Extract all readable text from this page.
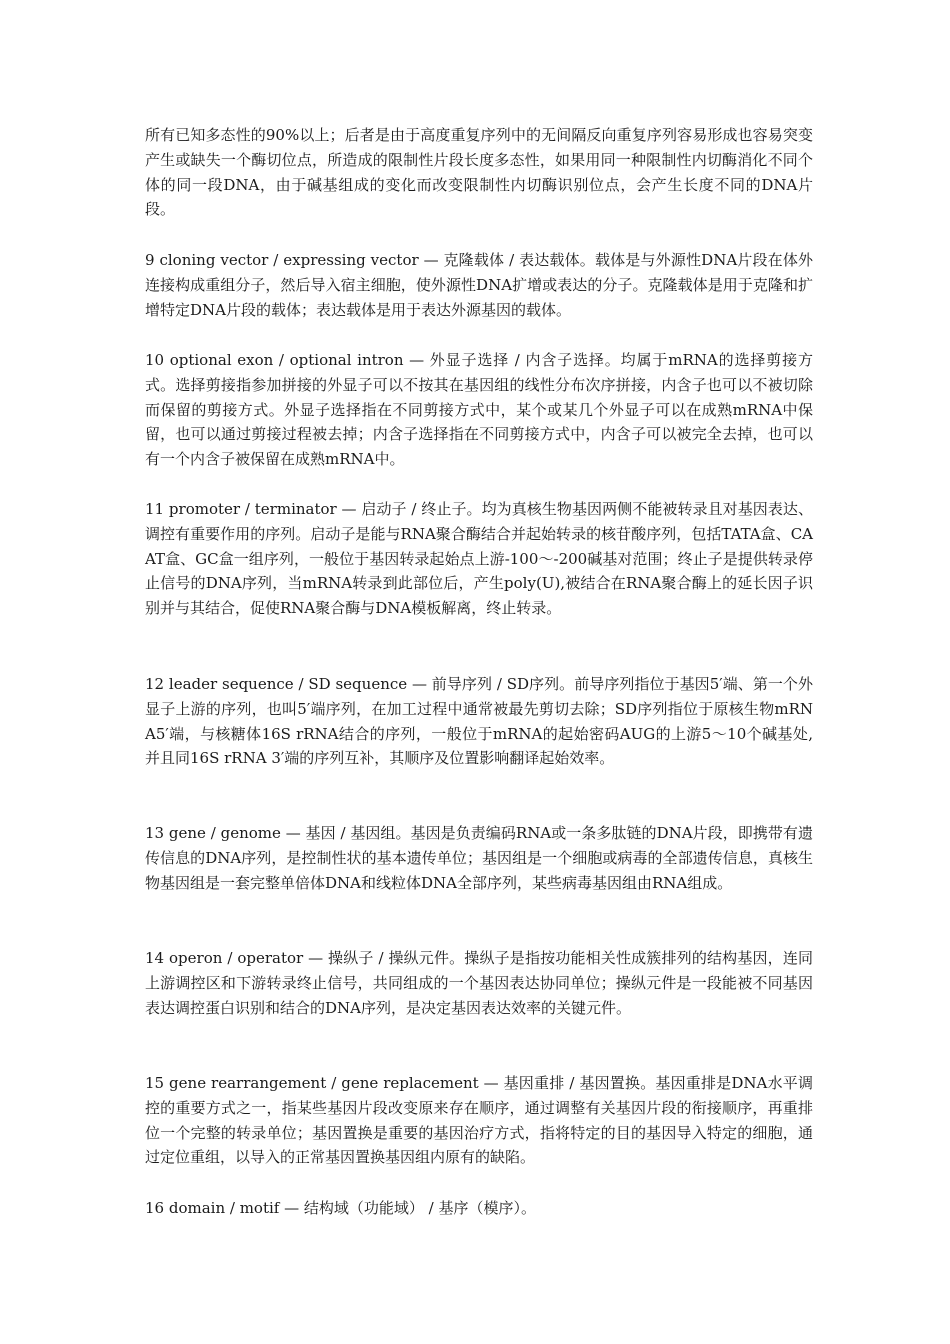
所有已知多态性的90%以上；后者是由于高度重复序列中的无间隔反向重复序列容易形成也容易突变产生或缺失一个酶切位点，所造成的限制性片段长度多态性，如果用同一种限制性内切酶消化不同个体的同一段DNA，由于碱基组成的变化而改变限制性内切酶识别位点，会产生长度不同的DNA片段。

9 cloning vector / expressing vector — 克隆载体 / 表达载体。载体是与外源性DNA片段在体外连接构成重组分子，然后导入宿主细胞，使外源性DNA扩增或表达的分子。克隆载体是用于克隆和扩增特定DNA片段的载体；表达载体是用于表达外源基因的载体。

10 optional exon / optional intron — 外显子选择 / 内含子选择。均属于mRNA的选择剪接方式。选择剪接指参加拼接的外显子可以不按其在基因组的线性分布次序拼接，内含子也可以不被切除而保留的剪接方式。外显子选择指在不同剪接方式中，某个或某几个外显子可以在成熟mRNA中保留，也可以通过剪接过程被去掉；内含子选择指在不同剪接方式中，内含子可以被完全去掉，也可以有一个内含子被保留在成熟mRNA中。

11 promoter / terminator — 启动子 / 终止子。均为真核生物基因两侧不能被转录且对基因表达、调控有重要作用的序列。启动子是能与RNA聚合酶结合并起始转录的核苷酸序列，包括TATA盒、CAAT盒、GC盒一组序列，一般位于基因转录起始点上游-100～-200碱基对范围；终止子是提供转录停止信号的DNA序列，当mRNA转录到此部位后，产生poly(U),被结合在RNA聚合酶上的延长因子识别并与其结合，促使RNA聚合酶与DNA模板解离，终止转录。

12 leader sequence / SD sequence — 前导序列 / SD序列。前导序列指位于基因5′端、第一个外显子上游的序列，也叫5′端序列，在加工过程中通常被最先剪切去除；SD序列指位于原核生物mRNA5′端，与核糖体16S rRNA结合的序列，一般位于mRNA的起始密码AUG的上游5～10个碱基处,并且同16S rRNA 3′端的序列互补，其顺序及位置影响翻译起始效率。

13 gene / genome — 基因 / 基因组。基因是负责编码RNA或一条多肽链的DNA片段，即携带有遗传信息的DNA序列，是控制性状的基本遗传单位；基因组是一个细胞或病毒的全部遗传信息，真核生物基因组是一套完整单倍体DNA和线粒体DNA全部序列，某些病毒基因组由RNA组成。

14 operon / operator — 操纵子 / 操纵元件。操纵子是指按功能相关性成簇排列的结构基因，连同上游调控区和下游转录终止信号，共同组成的一个基因表达协同单位；操纵元件是一段能被不同基因表达调控蛋白识别和结合的DNA序列，是决定基因表达效率的关键元件。

15 gene rearrangement / gene replacement — 基因重排 / 基因置换。基因重排是DNA水平调控的重要方式之一，指某些基因片段改变原来存在顺序，通过调整有关基因片段的衔接顺序，再重排位一个完整的转录单位；基因置换是重要的基因治疗方式，指将特定的目的基因导入特定的细胞，通过定位重组，以导入的正常基因置换基因组内原有的缺陷。

16 domain / motif — 结构域（功能域） / 基序（模序）。
